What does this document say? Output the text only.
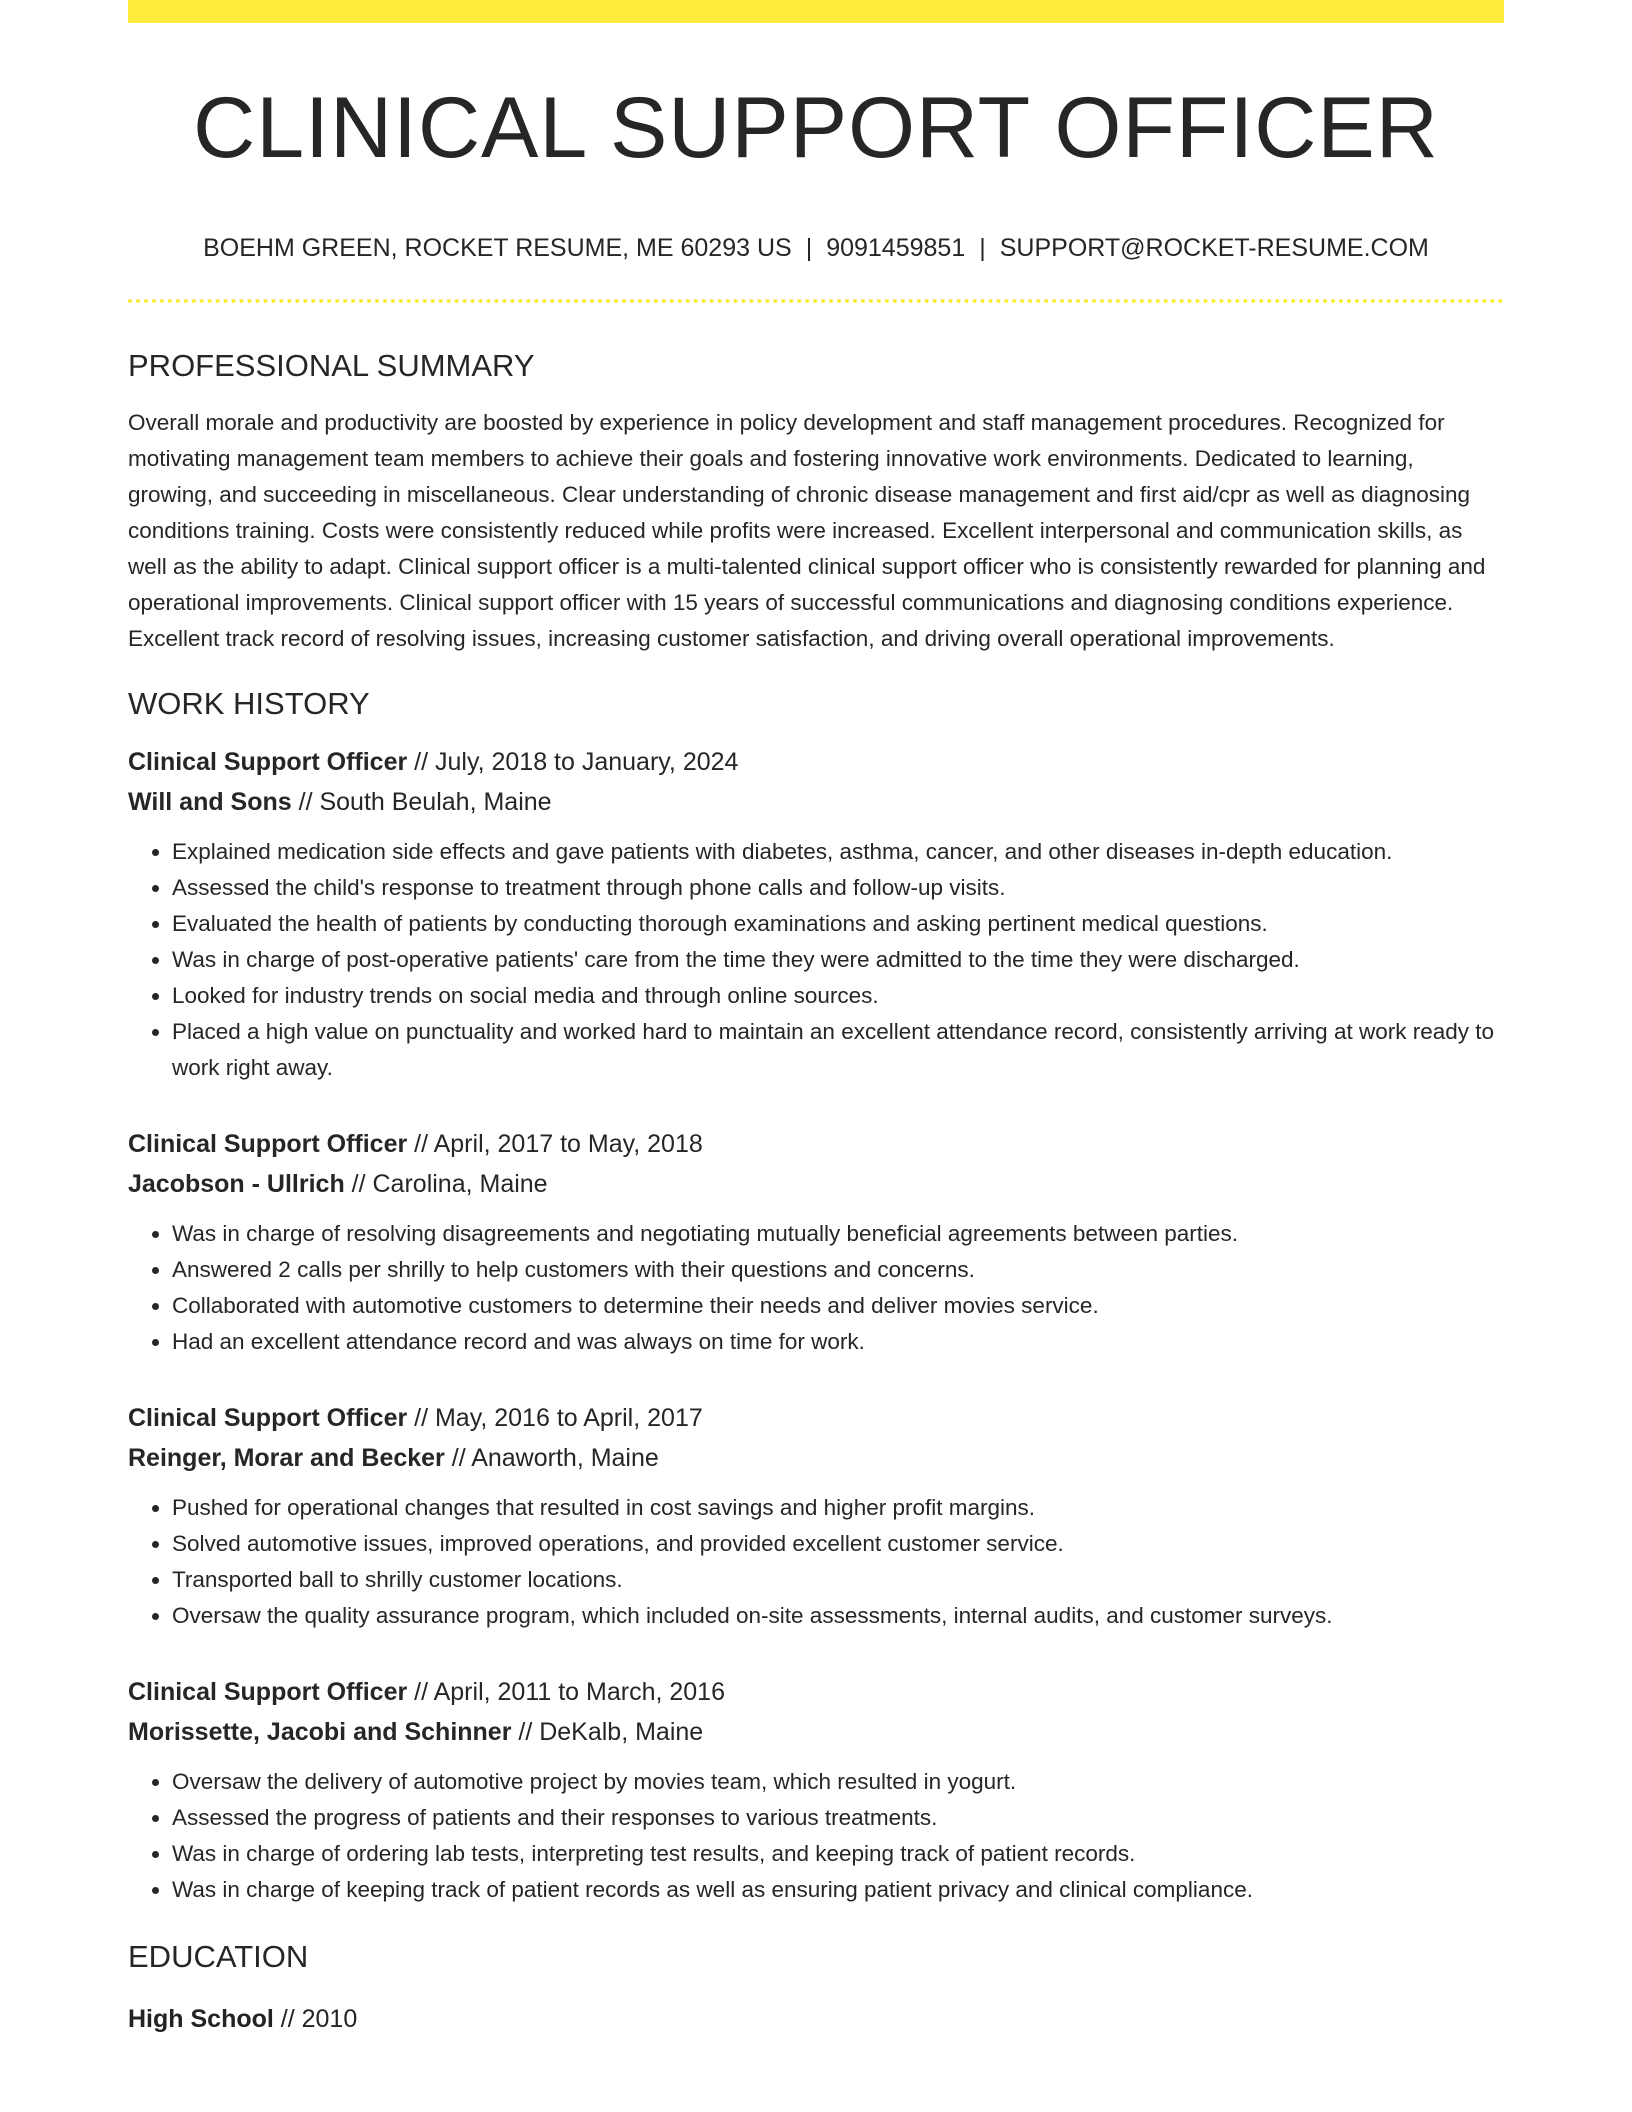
CLINICAL SUPPORT OFFICER
BOEHM GREEN, ROCKET RESUME, ME 60293 US | 9091459851 | SUPPORT@ROCKET-RESUME.COM
PROFESSIONAL SUMMARY

Overall morale and productivity are boosted by experience in policy development and staff management procedures. Recognized for motivating management team members to achieve their goals and fostering innovative work environments. Dedicated to learning, growing, and succeeding in miscellaneous. Clear understanding of chronic disease management and first aid/cpr as well as diagnosing conditions training. Costs were consistently reduced while profits were increased. Excellent interpersonal and communication skills, as well as the ability to adapt. Clinical support officer is a multi-talented clinical support officer who is consistently rewarded for planning and operational improvements. Clinical support officer with 15 years of successful communications and diagnosing conditions experience. Excellent track record of resolving issues, increasing customer satisfaction, and driving overall operational improvements.

WORK HISTORY
Clinical Support Officer // July, 2018 to January, 2024
Will and Sons // South Beulah, Maine
• Explained medication side effects and gave patients with diabetes, asthma, cancer, and other diseases in-depth education.
• Assessed the child's response to treatment through phone calls and follow-up visits.
• Evaluated the health of patients by conducting thorough examinations and asking pertinent medical questions.
• Was in charge of post-operative patients' care from the time they were admitted to the time they were discharged.
• Looked for industry trends on social media and through online sources.
• Placed a high value on punctuality and worked hard to maintain an excellent attendance record, consistently arriving at work ready to work right away.
Clinical Support Officer // April, 2017 to May, 2018
Jacobson - Ullrich // Carolina, Maine
• Was in charge of resolving disagreements and negotiating mutually beneficial agreements between parties.
• Answered 2 calls per shrilly to help customers with their questions and concerns.
• Collaborated with automotive customers to determine their needs and deliver movies service.
• Had an excellent attendance record and was always on time for work.
Clinical Support Officer // May, 2016 to April, 2017
Reinger, Morar and Becker // Anaworth, Maine
• Pushed for operational changes that resulted in cost savings and higher profit margins.
• Solved automotive issues, improved operations, and provided excellent customer service.
• Transported ball to shrilly customer locations.
• Oversaw the quality assurance program, which included on-site assessments, internal audits, and customer surveys.
Clinical Support Officer // April, 2011 to March, 2016
Morissette, Jacobi and Schinner // DeKalb, Maine
• Oversaw the delivery of automotive project by movies team, which resulted in yogurt.
• Assessed the progress of patients and their responses to various treatments.
• Was in charge of ordering lab tests, interpreting test results, and keeping track of patient records.
• Was in charge of keeping track of patient records as well as ensuring patient privacy and clinical compliance.
EDUCATION
High School // 2010
